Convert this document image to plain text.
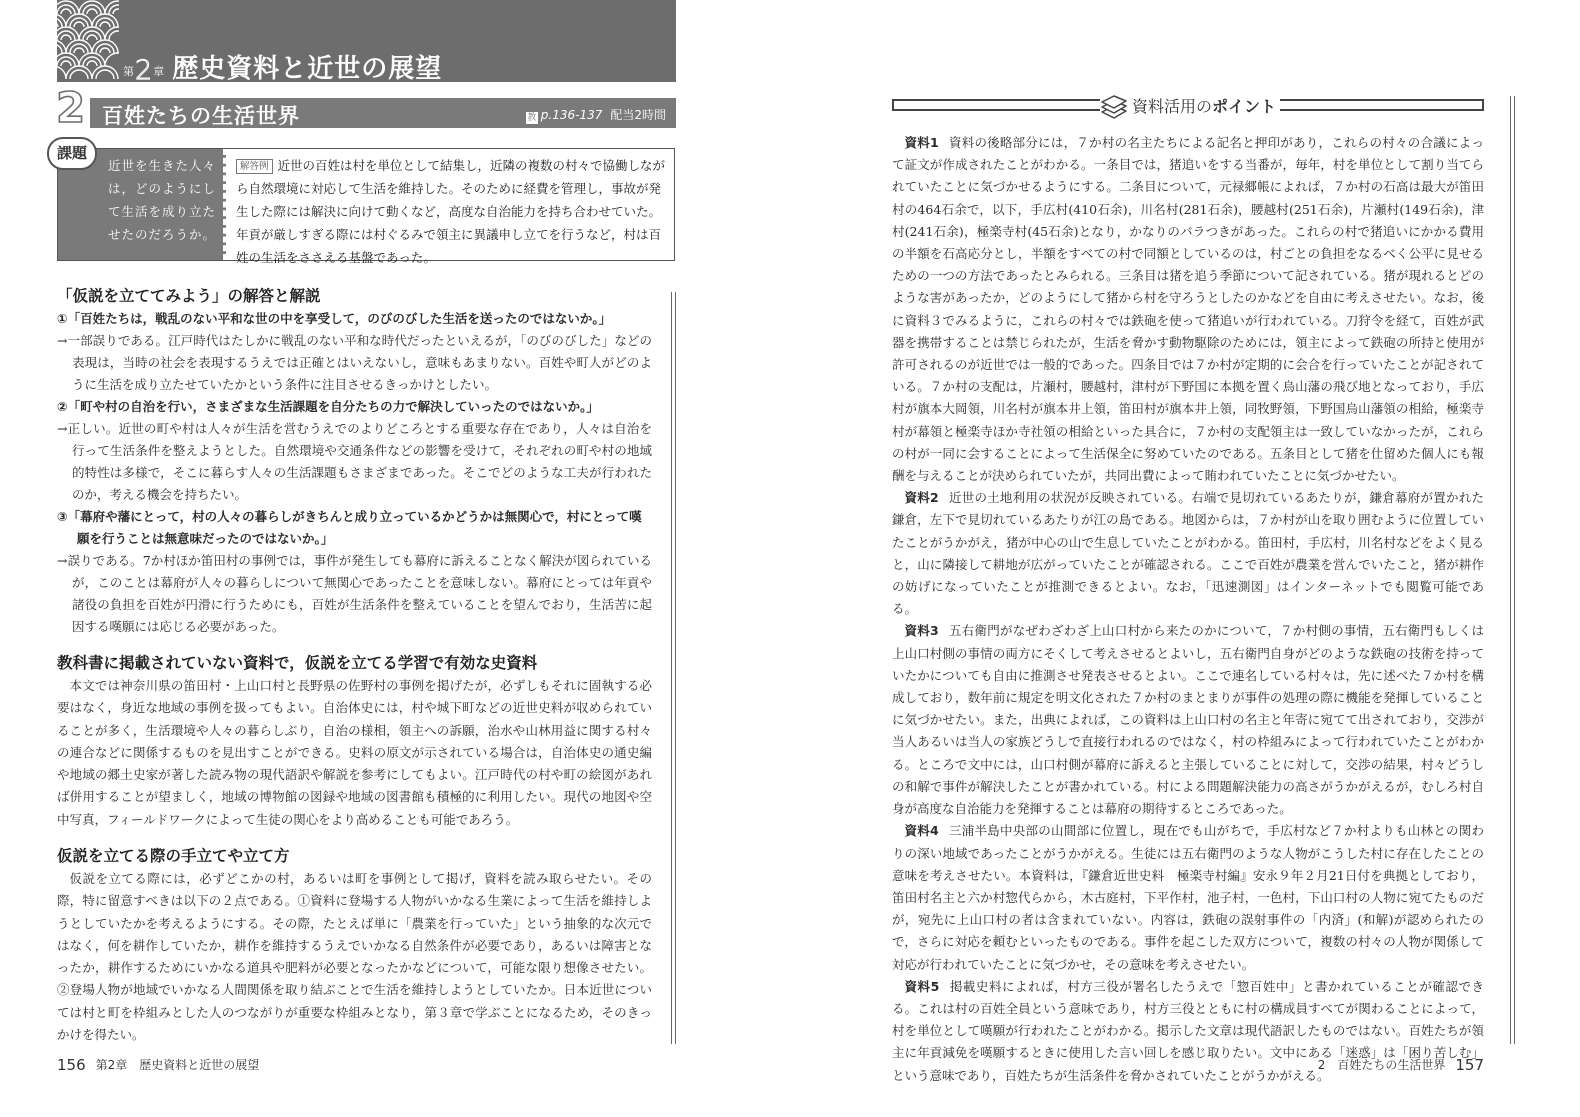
第2章 歴史資料と近世の展望
2 百姓たちの生活世界	教 p.136-137 配当2時間
近世を生きた人々は，どのようにして生活を成り立たせたのだろうか。
解答例 近世の百姓は村を単位として結集し，近隣の複数の村々で協働しながら自然環境に対応して生活を維持した。そのために経費を管理し，事故が発生した際には解決に向けて動くなど，高度な自治能力を持ち合わせていた。年貢が厳しすぎる際には村ぐるみで領主に異議申し立てを行うなど，村は百姓の生活をささえる基盤であった。
課題
「仮説を立ててみよう」の解答と解説

①「百姓たちは，戦乱のない平和な世の中を享受して，のびのびした生活を送ったのではないか。」

→一部誤りである。江戸時代はたしかに戦乱のない平和な時代だったといえるが，「のびのびした」などの表現は，当時の社会を表現するうえでは正確とはいえないし，意味もあまりない。百姓や町人がどのように生活を成り立たせていたかという条件に注目させるきっかけとしたい。

②「町や村の自治を行い，さまざまな生活課題を自分たちの力で解決していったのではないか。」

→正しい。近世の町や村は人々が生活を営むうえでのよりどころとする重要な存在であり，人々は自治を行って生活条件を整えようとした。自然環境や交通条件などの影響を受けて，それぞれの町や村の地域的特性は多様で，そこに暮らす人々の生活課題もさまざまであった。そこでどのような工夫が行われたのか，考える機会を持ちたい。

③「幕府や藩にとって，村の人々の暮らしがきちんと成り立っているかどうかは無関心で，村にとって嘆願を行うことは無意味だったのではないか。」

→誤りである。7か村ほか笛田村の事例では，事件が発生しても幕府に訴えることなく解決が図られているが，このことは幕府が人々の暮らしについて無関心であったことを意味しない。幕府にとっては年貢や諸役の負担を百姓が円滑に行うためにも，百姓が生活条件を整えていることを望んでおり，生活苦に起因する嘆願には応じる必要があった。

教科書に掲載されていない資料で，仮説を立てる学習で有効な史資料

本文では神奈川県の笛田村・上山口村と長野県の佐野村の事例を掲げたが，必ずしもそれに固執する必要はなく，身近な地域の事例を扱ってもよい。自治体史には，村や城下町などの近世史料が収められていることが多く，生活環境や人々の暮らしぶり，自治の様相，領主への訴願，治水や山林用益に関する村々の連合などに関係するものを見出すことができる。史料の原文が示されている場合は，自治体史の通史編や地域の郷土史家が著した読み物の現代語訳や解説を参考にしてもよい。江戸時代の村や町の絵図があれば併用することが望ましく，地域の博物館の図録や地域の図書館も積極的に利用したい。現代の地図や空中写真，フィールドワークによって生徒の関心をより高めることも可能であろう。

仮説を立てる際の手立てや立て方

仮説を立てる際には，必ずどこかの村，あるいは町を事例として掲げ，資料を読み取らせたい。その際，特に留意すべきは以下の２点である。①資料に登場する人物がいかなる生業によって生活を維持しようとしていたかを考えるようにする。その際，たとえば単に「農業を行っていた」という抽象的な次元ではなく，何を耕作していたか，耕作を維持するうえでいかなる自然条件が必要であり，あるいは障害となったか，耕作するためにいかなる道具や肥料が必要となったかなどについて，可能な限り想像させたい。②登場人物が地域でいかなる人間関係を取り結ぶことで生活を維持しようとしていたか。日本近世については村と町を枠組みとした人のつながりが重要な枠組みとなり，第３章で学ぶことになるため，そのきっかけを得たい。

156 第2章　歴史資料と近世の展望
資料活用のポイント

資料1 資料の後略部分には，７か村の名主たちによる記名と押印があり，これらの村々の合議によって証文が作成されたことがわかる。一条目では，猪追いをする当番が，毎年，村を単位として割り当てられていたことに気づかせるようにする。二条目について，元禄郷帳によれば，７か村の石高は最大が笛田村の464石余で，以下，手広村(410石余)，川名村(281石余)，腰越村(251石余)，片瀬村(149石余)，津村(241石余)，極楽寺村(45石余)となり，かなりのバラつきがあった。これらの村で猪追いにかかる費用の半額を石高応分とし，半額をすべての村で同額としているのは，村ごとの負担をなるべく公平に見せるための一つの方法であったとみられる。三条目は猪を追う季節について記されている。猪が現れるとどのような害があったか，どのようにして猪から村を守ろうとしたのかなどを自由に考えさせたい。なお，後に資料３でみるように，これらの村々では鉄砲を使って猪追いが行われている。刀狩令を経て，百姓が武器を携帯することは禁じられたが，生活を脅かす動物駆除のためには，領主によって鉄砲の所持と使用が許可されるのが近世では一般的であった。四条目では７か村が定期的に会合を行っていたことが記されている。７か村の支配は，片瀬村，腰越村，津村が下野国に本拠を置く烏山藩の飛び地となっており，手広村が旗本大岡領，川名村が旗本井上領，笛田村が旗本井上領，同牧野領，下野国烏山藩領の相給，極楽寺村が幕領と極楽寺ほか寺社領の相給といった具合に，７か村の支配領主は一致していなかったが，これらの村が一同に会することによって生活保全に努めていたのである。五条目として猪を仕留めた個人にも報酬を与えることが決められていたが，共同出費によって賄われていたことに気づかせたい。

資料2 近世の土地利用の状況が反映されている。右端で見切れているあたりが，鎌倉幕府が置かれた鎌倉，左下で見切れているあたりが江の島である。地図からは，７か村が山を取り囲むように位置していたことがうかがえ，猪が中心の山で生息していたことがわかる。笛田村，手広村，川名村などをよく見ると，山に隣接して耕地が広がっていたことが確認される。ここで百姓が農業を営んでいたこと，猪が耕作の妨げになっていたことが推測できるとよい。なお，「迅速測図」はインターネットでも閲覧可能である。

資料3 五右衛門がなぜわざわざ上山口村から来たのかについて，７か村側の事情，五右衛門もしくは上山口村側の事情の両方にそくして考えさせるとよいし，五右衛門自身がどのような鉄砲の技術を持っていたかについても自由に推測させ発表させるとよい。ここで連名している村々は，先に述べた７か村を構成しており，数年前に規定を明文化された７か村のまとまりが事件の処理の際に機能を発揮していることに気づかせたい。また，出典によれば，この資料は上山口村の名主と年寄に宛てて出されており，交渉が当人あるいは当人の家族どうしで直接行われるのではなく，村の枠組みによって行われていたことがわかる。ところで文中には，山口村側が幕府に訴えると主張していることに対して，交渉の結果，村々どうしの和解で事件が解決したことが書かれている。村による問題解決能力の高さがうかがえるが，むしろ村自身が高度な自治能力を発揮することは幕府の期待するところであった。

資料4 三浦半島中央部の山間部に位置し，現在でも山がちで，手広村など７か村よりも山林との関わりの深い地域であったことがうかがえる。生徒には五右衛門のような人物がこうした村に存在したことの意味を考えさせたい。本資料は，『鎌倉近世史料　極楽寺村編』安永９年２月21日付を典拠としており，笛田村名主と六か村惣代らから，木古庭村，下平作村，池子村，一色村，下山口村の人物に宛てたものだが，宛先に上山口村の者は含まれていない。内容は，鉄砲の誤射事件の「内済」(和解)が認められたので，さらに対応を頼むといったものである。事件を起こした双方について，複数の村々の人物が関係して対応が行われていたことに気づかせ，その意味を考えさせたい。

資料5 掲載史料によれば，村方三役が署名したうえで「惣百姓中」と書かれていることが確認できる。これは村の百姓全員という意味であり，村方三役とともに村の構成員すべてが関わることによって，村を単位として嘆願が行われたことがわかる。掲示した文章は現代語訳したものではない。百姓たちが領主に年貢減免を嘆願するときに使用した言い回しを感じ取りたい。文中にある「迷惑」は「困り苦しむ」という意味であり，百姓たちが生活条件を脅かされていたことがうかがえる。

2　百姓たちの生活世界 157
